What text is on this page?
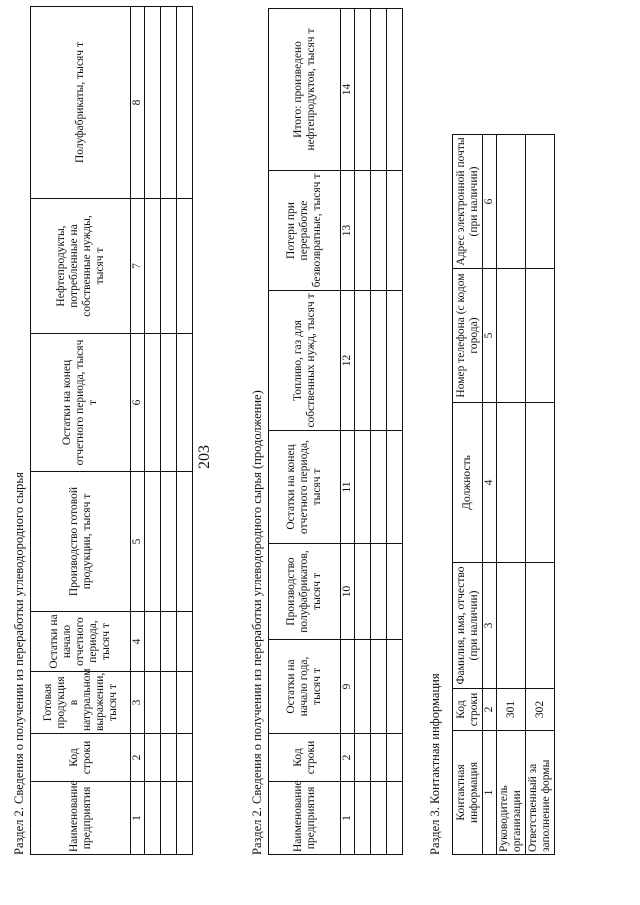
203
Раздел 2. Сведения о получении из переработки углеводородного сырья	Наименование предприятия	Код строки	Готовая продукция в натуральном выражении, тысяч т	Остатки на начало отчетного периода, тысяч т	Производство готовой продукции, тысяч т	Остатки на конец отчетного периода, тысяч т	Нефтепродукты, потребленные на собственные нужды, тысяч т	Полуфабрикаты, тысяч т
1	2	3	4	5	6	7	8

Раздел 2. Сведения о получении из переработки углеводородного сырья (продолжение) Наименование предприятия	Код строки	Остатки на начало года, тысяч т	Производство полуфабрикатов, тысяч т	Остатки на конец отчетного периода, тысяч т	Топливо, газ для собственных нужд, тысяч т	Потери при переработке безвозвратные, тысяч т	Итого: произведено нефтепродуктов, тысяч т
1	2	9	10	11	12	13	14

Раздел 3. Контактная информация Контактная информация	Код строки	Фамилия, имя, отчество (при наличии)	Должность	Номер телефона (с кодом города)	Адрес электронной почты (при наличии)
1	2	3	4	5	6
Руководитель организации	301				
Ответственный за заполнение формы	302				
